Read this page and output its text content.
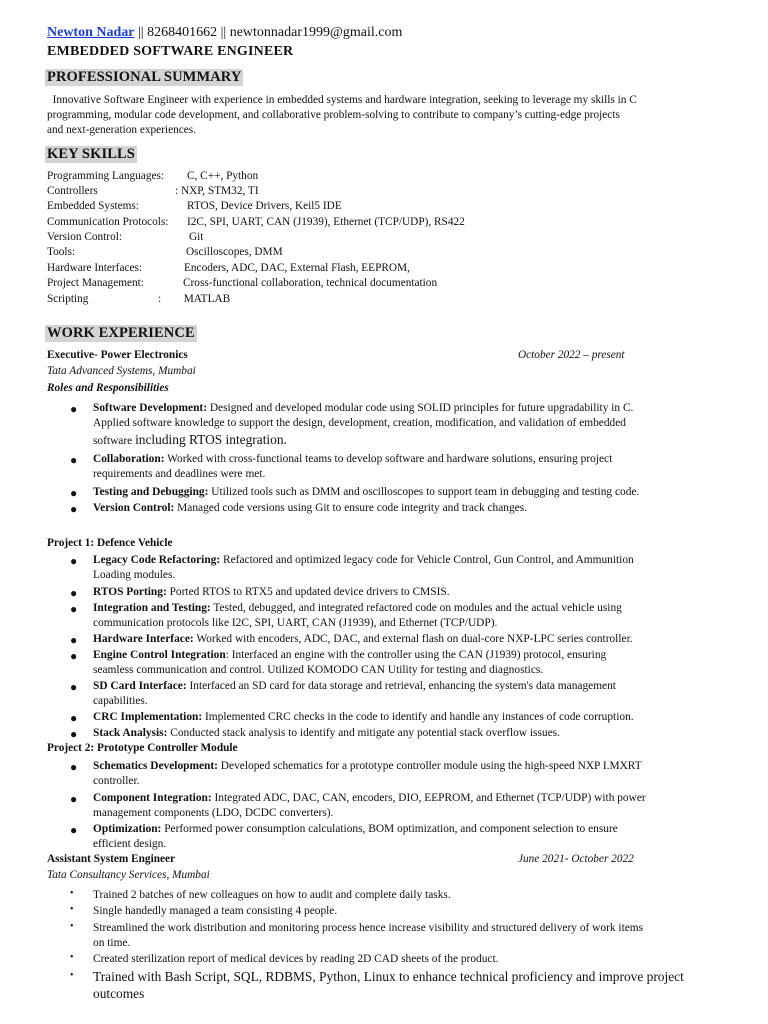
Newton Nadar || 8268401662 || newtonnadar1999@gmail.com
EMBEDDED SOFTWARE ENGINEER
PROFESSIONAL SUMMARY
Innovative Software Engineer with experience in embedded systems and hardware integration, seeking to leverage my skills in C
programming, modular code development, and collaborative problem-solving to contribute to company’s cutting-edge projects
and next-generation experiences.
KEY SKILLS
Programming Languages: C, C++, Python
Controllers	: NXP, STM32, TI
Embedded Systems:	RTOS, Device Drivers, Keil5 IDE
Communication Protocols: I2C, SPI, UART, CAN (J1939), Ethernet (TCP/UDP), RS422
Version Control:	Git
Tools:	Oscilloscopes, DMM
Hardware Interfaces:	Encoders, ADC, DAC, External Flash, EEPROM,
Project Management:	Cross-functional collaboration, technical documentation
Scripting	:        MATLAB
WORK EXPERIENCE
Executive- Power Electronics	October 2022 – present
Tata Advanced Systems, Mumbai
Roles and Responsibilities
● Software Development: Designed and developed modular code using SOLID principles for future upgradability in C.
Applied software knowledge to support the design, development, creation, modification, and validation of embedded
software including RTOS integration.
● Collaboration: Worked with cross-functional teams to develop software and hardware solutions, ensuring project
requirements and deadlines were met.
● Testing and Debugging: Utilized tools such as DMM and oscilloscopes to support team in debugging and testing code.
● Version Control: Managed code versions using Git to ensure code integrity and track changes.
Project 1: Defence Vehicle
● Legacy Code Refactoring: Refactored and optimized legacy code for Vehicle Control, Gun Control, and Ammunition
Loading modules.
● RTOS Porting: Ported RTOS to RTX5 and updated device drivers to CMSIS.
● Integration and Testing: Tested, debugged, and integrated refactored code on modules and the actual vehicle using
communication protocols like I2C, SPI, UART, CAN (J1939), and Ethernet (TCP/UDP).
● Hardware Interface: Worked with encoders, ADC, DAC, and external flash on dual-core NXP-LPC series controller.
● Engine Control Integration: Interfaced an engine with the controller using the CAN (J1939) protocol, ensuring
seamless communication and control. Utilized KOMODO CAN Utility for testing and diagnostics.
● SD Card Interface: Interfaced an SD card for data storage and retrieval, enhancing the system's data management
capabilities.
● CRC Implementation: Implemented CRC checks in the code to identify and handle any instances of code corruption.
● Stack Analysis: Conducted stack analysis to identify and mitigate any potential stack overflow issues.
Project 2: Prototype Controller Module
● Schematics Development: Developed schematics for a prototype controller module using the high-speed NXP I.MXRT
controller.
● Component Integration: Integrated ADC, DAC, CAN, encoders, DIO, EEPROM, and Ethernet (TCP/UDP) with power
management components (LDO, DCDC converters).
● Optimization: Performed power consumption calculations, BOM optimization, and component selection to ensure
efficient design.
Assistant System Engineer	June 2021- October 2022
Tata Consultancy Services, Mumbai
• Trained 2 batches of new colleagues on how to audit and complete daily tasks.
• Single handedly managed a team consisting 4 people.
• Streamlined the work distribution and monitoring process hence increase visibility and structured delivery of work items
on time.
• Created sterilization report of medical devices by reading 2D CAD sheets of the product.
• Trained with Bash Script, SQL, RDBMS, Python, Linux to enhance technical proficiency and improve project
outcomes
